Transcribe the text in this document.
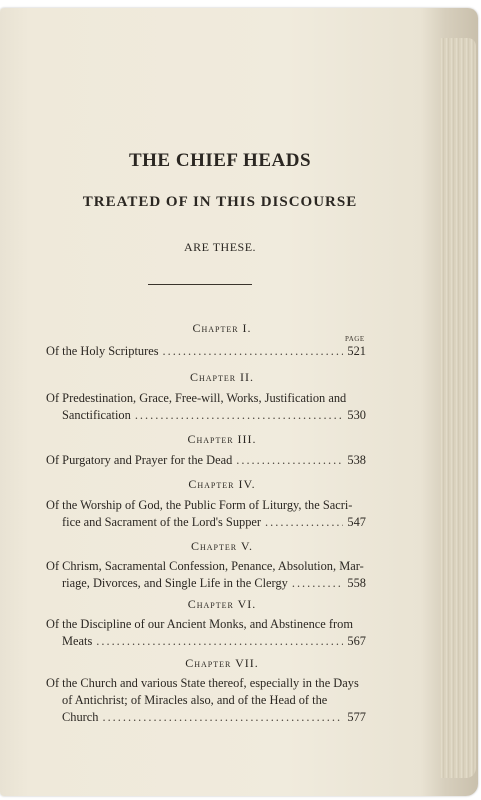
THE CHIEF HEADS
TREATED OF IN THIS DISCOURSE
ARE THESE.
PAGE
Chapter I.
Of the Holy Scriptures .....	521
Chapter II.
Of Predestination, Grace, Free-will, Works, Justification and
Sanctification .....	530
Chapter III.
Of Purgatory and Prayer for the Dead .....	538
Chapter IV.
Of the Worship of God, the Public Form of Liturgy, the Sacri-
fice and Sacrament of the Lord's Supper .....	547
Chapter V.
Of Chrism, Sacramental Confession, Penance, Absolution, Mar-
riage, Divorces, and Single Life in the Clergy .....	558
Chapter VI.
Of the Discipline of our Ancient Monks, and Abstinence from
Meats .....	567
Chapter VII.
Of the Church and various State thereof, especially in the Days
of Antichrist; of Miracles also, and of the Head of the
Church .....	577
